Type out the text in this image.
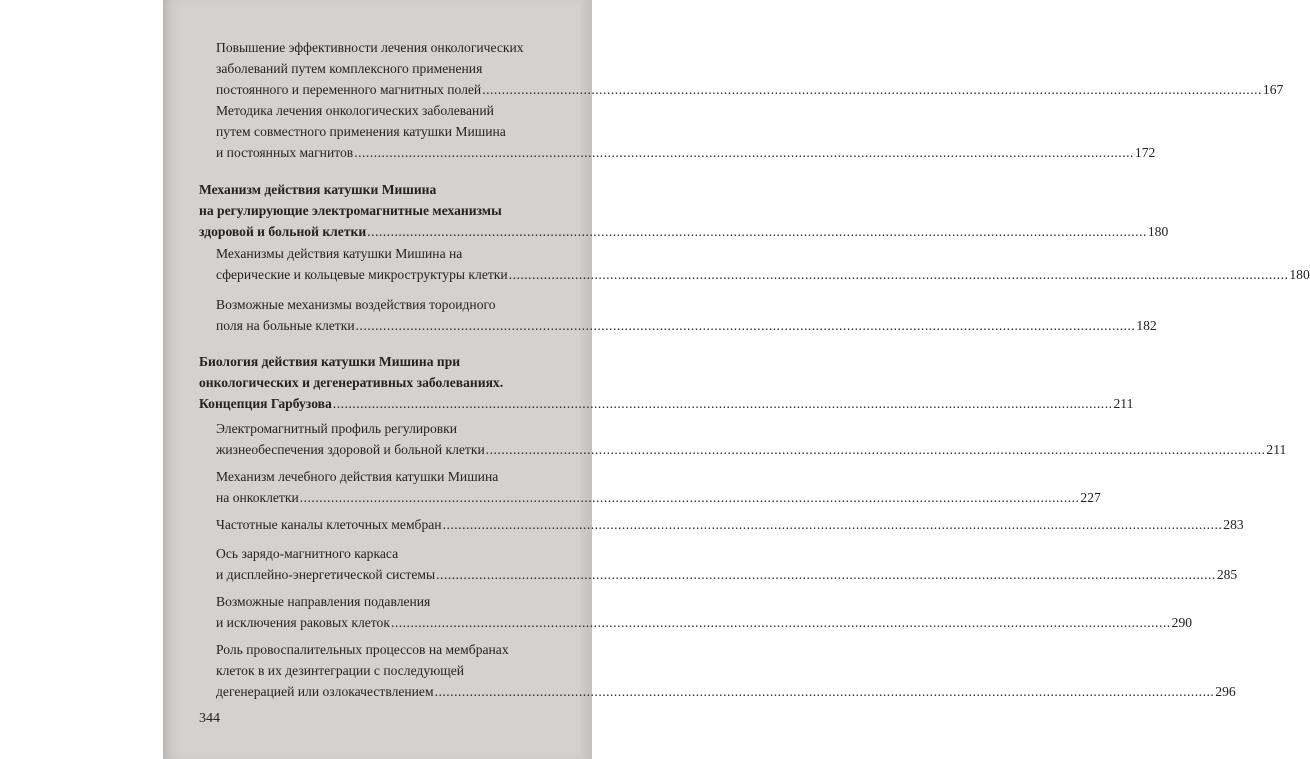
Повышение эффективности лечения онкологических
заболеваний путем комплексного применения
постоянного и переменного магнитных полей ........................................................................................................................................................................................................ 167
Методика лечения онкологических заболеваний
путем совместного применения катушки Мишина
и постоянных магнитов ........................................................................................................................................................................................................ 172
Механизм действия катушки Мишина
на регулирующие электромагнитные механизмы
здоровой и больной клетки ........................................................................................................................................................................................................ 180
Механизмы действия катушки Мишина на
сферические и кольцевые микроструктуры клетки ........................................................................................................................................................................................................ 180
Возможные механизмы воздействия тороидного
поля на больные клетки ........................................................................................................................................................................................................ 182
Биология действия катушки Мишина при
онкологических и дегенеративных заболеваниях.
Концепция Гарбузова ........................................................................................................................................................................................................ 211
Электромагнитный профиль регулировки
жизнеобеспечения здоровой и больной клетки ........................................................................................................................................................................................................ 211
Механизм лечебного действия катушки Мишина
на онкоклетки ........................................................................................................................................................................................................ 227
Частотные каналы клеточных мембран ........................................................................................................................................................................................................ 283
Ось зарядо-магнитного каркаса
и дисплейно-энергетической системы ........................................................................................................................................................................................................ 285
Возможные направления подавления
и исключения раковых клеток ........................................................................................................................................................................................................ 290
Роль провоспалительных процессов на мембранах
клеток в их дезинтеграции с последующей
дегенерацией или озлокачествлением ........................................................................................................................................................................................................ 296
344
